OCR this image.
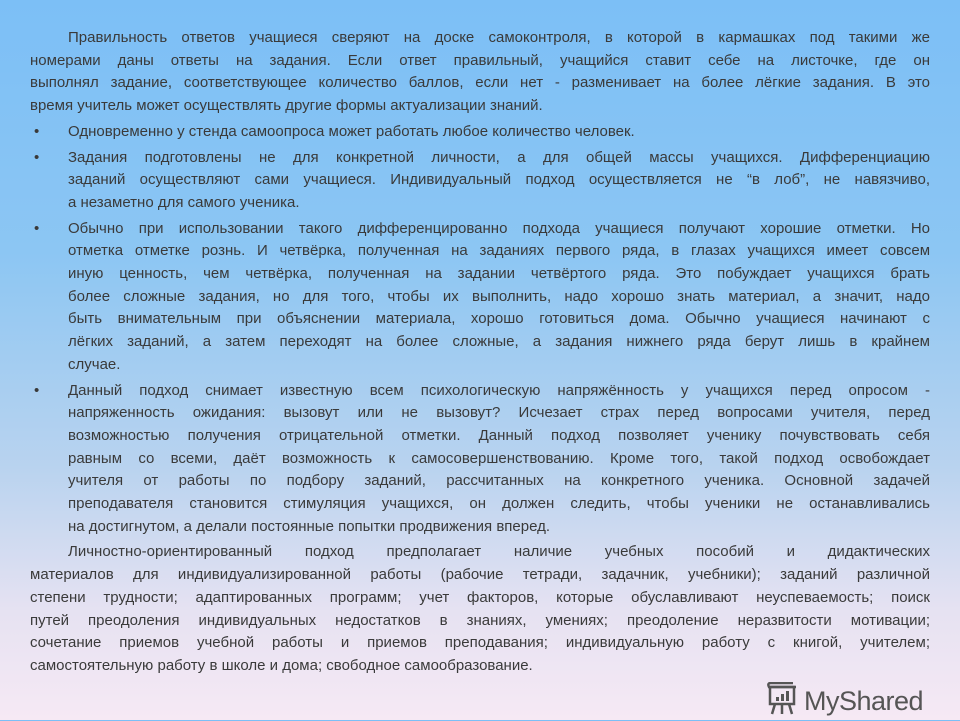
Правильность ответов учащиеся сверяют на доске самоконтроля, в которой в кармашках под такими же
номерами даны ответы на задания. Если ответ правильный, учащийся ставит себе на листочке, где он
выполнял задание, соответствующее количество баллов, если нет - разменивает на более лёгкие задания. В это
время учитель может осуществлять другие формы актуализации знаний.
• Одновременно у стенда самоопроса может работать любое количество человек.
• Задания подготовлены не для конкретной личности, а для общей массы учащихся. Дифференциацию
заданий осуществляют сами учащиеся. Индивидуальный подход осуществляется не “в лоб”, не навязчиво,
а незаметно для самого ученика.
• Обычно при использовании такого дифференцированно подхода учащиеся получают хорошие отметки. Но
отметка отметке рознь. И четвёрка, полученная на заданиях первого ряда, в глазах учащихся имеет совсем
иную ценность, чем четвёрка, полученная на задании четвёртого ряда. Это побуждает учащихся брать
более сложные задания, но для того, чтобы их выполнить, надо хорошо знать материал, а значит, надо
быть внимательным при объяснении материала, хорошо готовиться дома. Обычно учащиеся начинают с
лёгких заданий, а затем переходят на более сложные, а задания нижнего ряда берут лишь в крайнем
случае.
• Данный подход снимает известную всем психологическую напряжённость у учащихся перед опросом -
напряженность ожидания: вызовут или не вызовут? Исчезает страх перед вопросами учителя, перед
возможностью получения отрицательной отметки. Данный подход позволяет ученику почувствовать себя
равным со всеми, даёт возможность к самосовершенствованию. Кроме того, такой подход освобождает
учителя от работы по подбору заданий, рассчитанных на конкретного ученика. Основной задачей
преподавателя становится стимуляция учащихся, он должен следить, чтобы ученики не останавливались
на достигнутом, а делали постоянные попытки продвижения вперед.
Личностно-ориентированный подход предполагает наличие учебных пособий и дидактических
материалов для индивидуализированной работы (рабочие тетради, задачник, учебники); заданий различной
степени трудности; адаптированных программ; учет факторов, которые обуславливают неуспеваемость; поиск
путей преодоления индивидуальных недостатков в знаниях, умениях; преодоление неразвитости мотивации;
сочетание приемов учебной работы и приемов преподавания; индивидуальную работу с книгой, учителем;
самостоятельную работу в школе и дома; свободное самообразование.
MyShared
